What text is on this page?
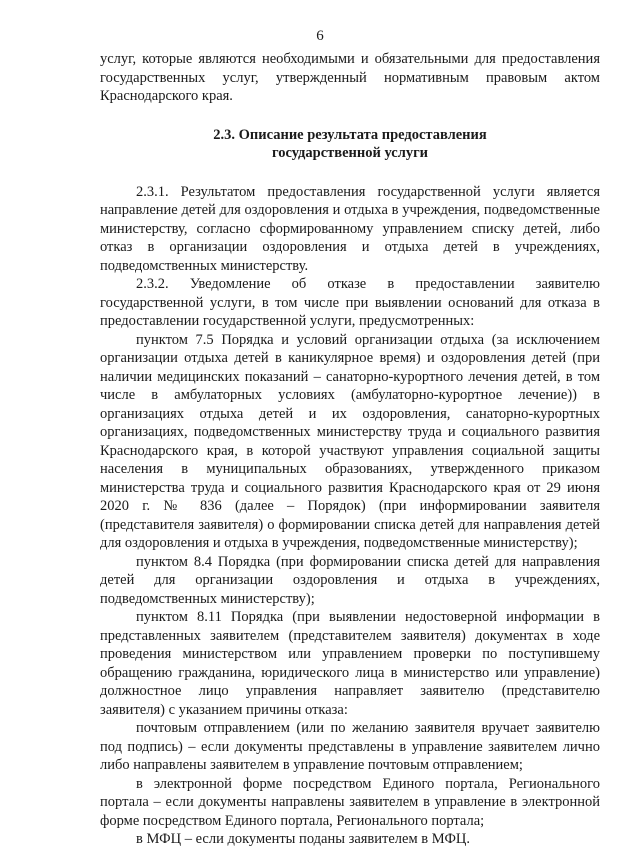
6

услуг, которые являются необходимыми и обязательными для предоставления государственных услуг, утвержденный нормативным правовым актом Краснодарского края.

2.3. Описание результата предоставления
государственной услуги

2.3.1. Результатом предоставления государственной услуги является направление детей для оздоровления и отдыха в учреждения, подведомственные министерству, согласно сформированному управлением списку детей, либо отказ в организации оздоровления и отдыха детей в учреждениях, подведомственных министерству.

2.3.2. Уведомление об отказе в предоставлении заявителю государственной услуги, в том числе при выявлении оснований для отказа в предоставлении государственной услуги, предусмотренных:

пунктом 7.5 Порядка и условий организации отдыха (за исключением организации отдыха детей в каникулярное время) и оздоровления детей (при наличии медицинских показаний – санаторно-курортного лечения детей, в том числе в амбулаторных условиях (амбулаторно-курортное лечение)) в организациях отдыха детей и их оздоровления, санаторно-курортных организациях, подведомственных министерству труда и социального развития Краснодарского края, в которой участвуют управления социальной защиты населения в муниципальных образованиях, утвержденного приказом министерства труда и социального развития Краснодарского края от 29 июня 2020 г. № 836 (далее – Порядок) (при информировании заявителя (представителя заявителя) о формировании списка детей для направления детей для оздоровления и отдыха в учреждения, подведомственные министерству);

пунктом 8.4 Порядка (при формировании списка детей для направления детей для организации оздоровления и отдыха в учреждениях, подведомственных министерству);

пунктом 8.11 Порядка (при выявлении недостоверной информации в представленных заявителем (представителем заявителя) документах в ходе проведения министерством или управлением проверки по поступившему обращению гражданина, юридического лица в министерство или управление) должностное лицо управления направляет заявителю (представителю заявителя) с указанием причины отказа:

почтовым отправлением (или по желанию заявителя вручает заявителю под подпись) – если документы представлены в управление заявителем лично либо направлены заявителем в управление почтовым отправлением;

в электронной форме посредством Единого портала, Регионального портала – если документы направлены заявителем в управление в электронной форме посредством Единого портала, Регионального портала;

в МФЦ – если документы поданы заявителем в МФЦ.
